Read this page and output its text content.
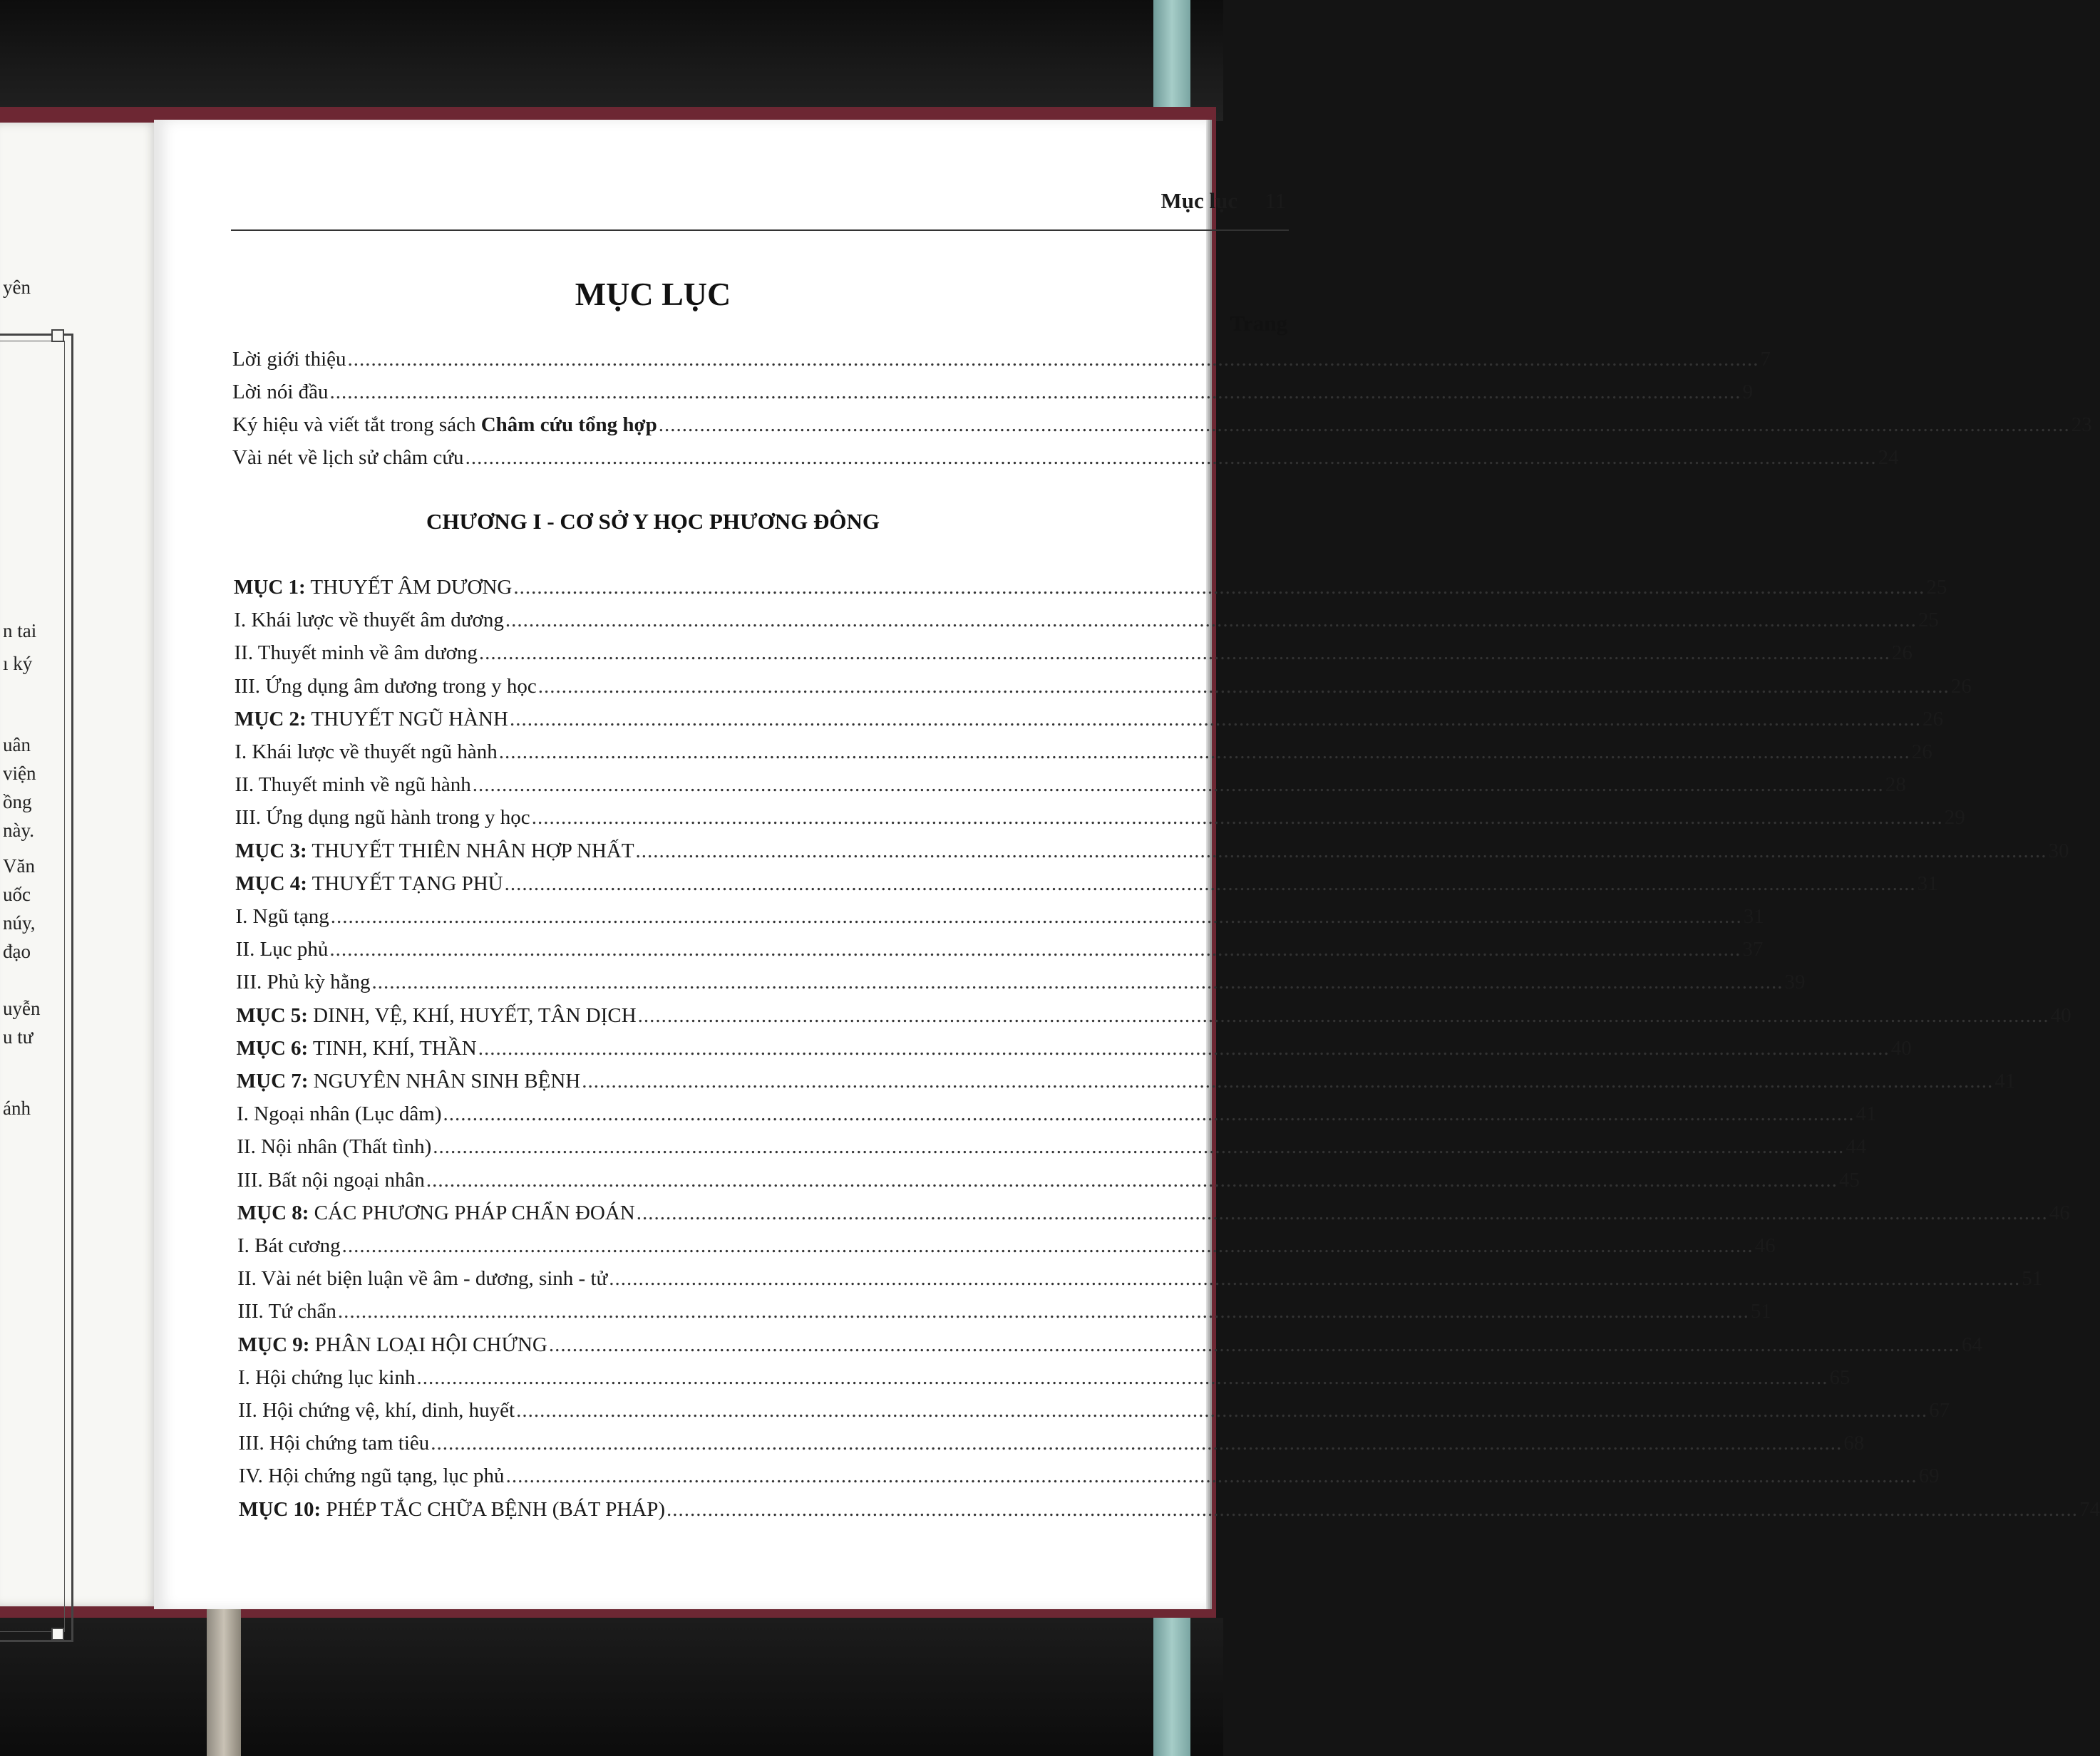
yên
n tai
ı ký
uân
viện
ồng
này.
Văn
uốc
núy,
đạo
uyễn
u tư
ánh
Mục lục 11
MỤC LỤC
Trang
Lời giới thiệu .....	7
Lời nói đầu .....	9
Ký hiệu và viết tắt trong sách Châm cứu tổng hợp .....	23
Vài nét về lịch sử châm cứu .....	24
CHƯƠNG I - CƠ SỞ Y HỌC PHƯƠNG ĐÔNG
MỤC 1: THUYẾT ÂM DƯƠNG .....	25
I. Khái lược về thuyết âm dương .....	25
II. Thuyết minh về âm dương .....	26
III. Ứng dụng âm dương trong y học .....	26
MỤC 2: THUYẾT NGŨ HÀNH .....	26
I. Khái lược về thuyết ngũ hành .....	26
II. Thuyết minh về ngũ hành .....	28
III. Ứng dụng ngũ hành trong y học .....	29
MỤC 3: THUYẾT THIÊN NHÂN HỢP NHẤT .....	30
MỤC 4: THUYẾT TẠNG PHỦ .....	31
I. Ngũ tạng .....	31
II. Lục phủ .....	37
III. Phủ kỳ hằng .....	39
MỤC 5: DINH, VỆ, KHÍ, HUYẾT, TÂN DỊCH .....	40
MỤC 6: TINH, KHÍ, THẦN .....	40
MỤC 7: NGUYÊN NHÂN SINH BỆNH .....	41
I. Ngoại nhân (Lục dâm) .....	41
II. Nội nhân (Thất tình) .....	44
III. Bất nội ngoại nhân .....	45
MỤC 8: CÁC PHƯƠNG PHÁP CHẨN ĐOÁN .....	46
I. Bát cương .....	46
II. Vài nét biện luận về âm - dương, sinh - tử .....	51
III. Tứ chẩn .....	51
MỤC 9: PHÂN LOẠI HỘI CHỨNG .....	64
I. Hội chứng lục kinh .....	65
II. Hội chứng vệ, khí, dinh, huyết .....	67
III. Hội chứng tam tiêu .....	68
IV. Hội chứng ngũ tạng, lục phủ .....	69
MỤC 10: PHÉP TẮC CHỮA BỆNH (BÁT PHÁP) .....	74
